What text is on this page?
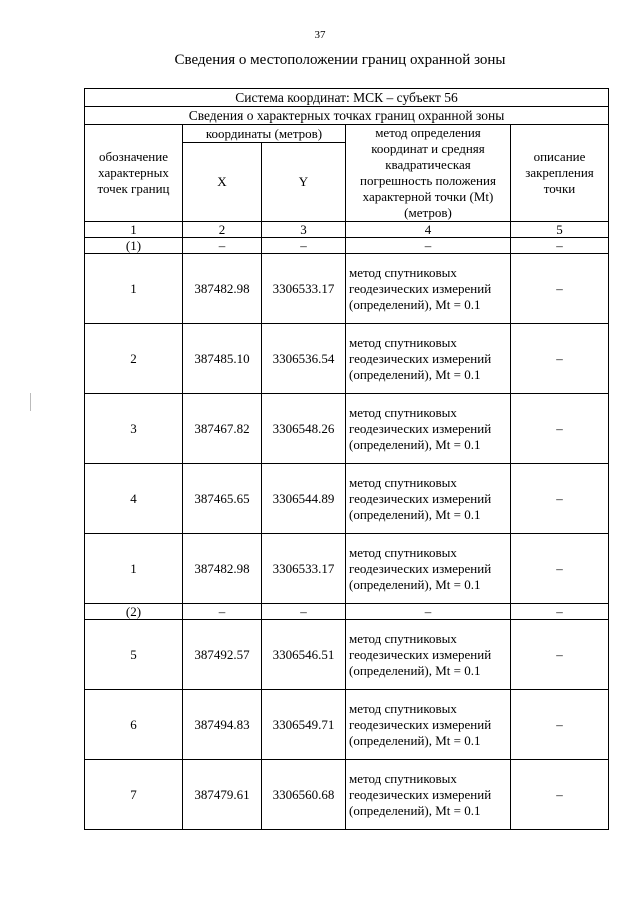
37
Сведения о местоположении границ охранной зоны
Система координат: МСК – субъект 56				
Сведения о характерных точках границ охранной зоны				
обозначение характерных точек границ	координаты (метров)		метод определения координат и средняя квадратическая погрешность положения характерной точки (Mt) (метров)	описание закрепления точки
	X	Y		
1	2	3	4	5
(1)	–	–	–	–
1	387482.98	3306533.17	метод спутниковых геодезических измерений (определений), Mt = 0.1	–
2	387485.10	3306536.54	метод спутниковых геодезических измерений (определений), Mt = 0.1	–
3	387467.82	3306548.26	метод спутниковых геодезических измерений (определений), Mt = 0.1	–
4	387465.65	3306544.89	метод спутниковых геодезических измерений (определений), Mt = 0.1	–
1	387482.98	3306533.17	метод спутниковых геодезических измерений (определений), Mt = 0.1	–
(2)	–	–	–	–
5	387492.57	3306546.51	метод спутниковых геодезических измерений (определений), Mt = 0.1	–
6	387494.83	3306549.71	метод спутниковых геодезических измерений (определений), Mt = 0.1	–
7	387479.61	3306560.68	метод спутниковых геодезических измерений (определений), Mt = 0.1	–
